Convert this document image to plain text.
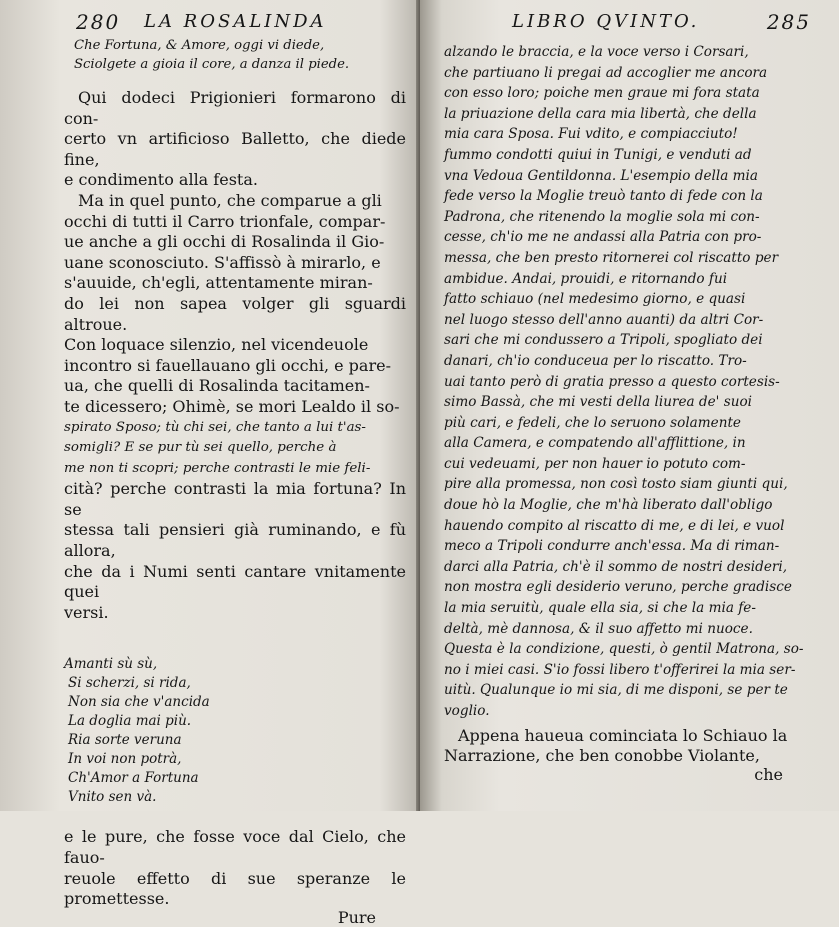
280 LA ROSALINDA
Che Fortuna, & Amore, oggi vi diede,
Sciolgete a gioia il core, a danza il piede.
Qui dodeci Prigionieri formarono di con-
certo vn artificioso Balletto, che diede fine,
e condimento alla festa.
Ma in quel punto, che comparue a gli
occhi di tutti il Carro trionfale, compar-
ue anche a gli occhi di Rosalinda il Gio-
uane sconosciuto. S'affissò à mirarlo, e
s'auuide, ch'egli, attentamente miran-
do lei non sapea volger gli sguardi altroue.
Con loquace silenzio, nel vicendeuole
incontro si fauellauano gli occhi, e pare-
ua, che quelli di Rosalinda tacitamen-
te dicessero; Ohimè, se mori Lealdo il so-
spirato Sposo; tù chi sei, che tanto a lui t'as-
somigli? E se pur tù sei quello, perche à
me non ti scopri; perche contrasti le mie feli-
cità? perche contrasti la mia fortuna? In se
stessa tali pensieri già ruminando, e fù allora,
che da i Numi senti cantare vnitamente quei
versi.
Amanti sù sù,
Si scherzi, si rida,
Non sia che v'ancida
La doglia mai più.
Ria sorte veruna
In voi non potrà,
Ch'Amor a Fortuna
Vnito sen và.
e le pure, che fosse voce dal Cielo, che fauo-
reuole effetto di sue speranze le promettesse.
Pure
LIBRO QVINTO.	285
alzando le braccia, e la voce verso i Corsari,
che partiuano li pregai ad accoglier me ancora
con esso loro; poiche men graue mi fora stata
la priuazione della cara mia libertà, che della
mia cara Sposa. Fui vdito, e compiacciuto!
fummo condotti quiui in Tunigi, e venduti ad
vna Vedoua Gentildonna. L'esempio della mia
fede verso la Moglie treuò tanto di fede con la
Padrona, che ritenendo la moglie sola mi con-
cesse, ch'io me ne andassi alla Patria con pro-
messa, che ben presto ritornerei col riscatto per
ambidue. Andai, prouidi, e ritornando fui
fatto schiauo (nel medesimo giorno, e quasi
nel luogo stesso dell'anno auanti) da altri Cor-
sari che mi condussero a Tripoli, spogliato dei
danari, ch'io conduceua per lo riscatto. Tro-
uai tanto però di gratia presso a questo cortesis-
simo Bassà, che mi vesti della liurea de' suoi
più cari, e fedeli, che lo seruono solamente
alla Camera, e compatendo all'afflittione, in
cui vedeuami, per non hauer io potuto com-
pire alla promessa, non così tosto siam giunti qui,
doue hò la Moglie, che m'hà liberato dall'obligo
hauendo compito al riscatto di me, e di lei, e vuol
meco a Tripoli condurre anch'essa. Ma di riman-
darci alla Patria, ch'è il sommo de nostri desideri,
non mostra egli desiderio veruno, perche gradisce
la mia seruitù, quale ella sia, si che la mia fe-
deltà, mè dannosa, & il suo affetto mi nuoce.
Questa è la condizione, questi, ò gentil Matrona, so-
no i miei casi. S'io fossi libero t'offerirei la mia ser-
uitù. Qualunque io mi sia, di me disponi, se per te
voglio.
Appena haueua cominciata lo Schiauo la
Narrazione, che ben conobbe Violante,
che
